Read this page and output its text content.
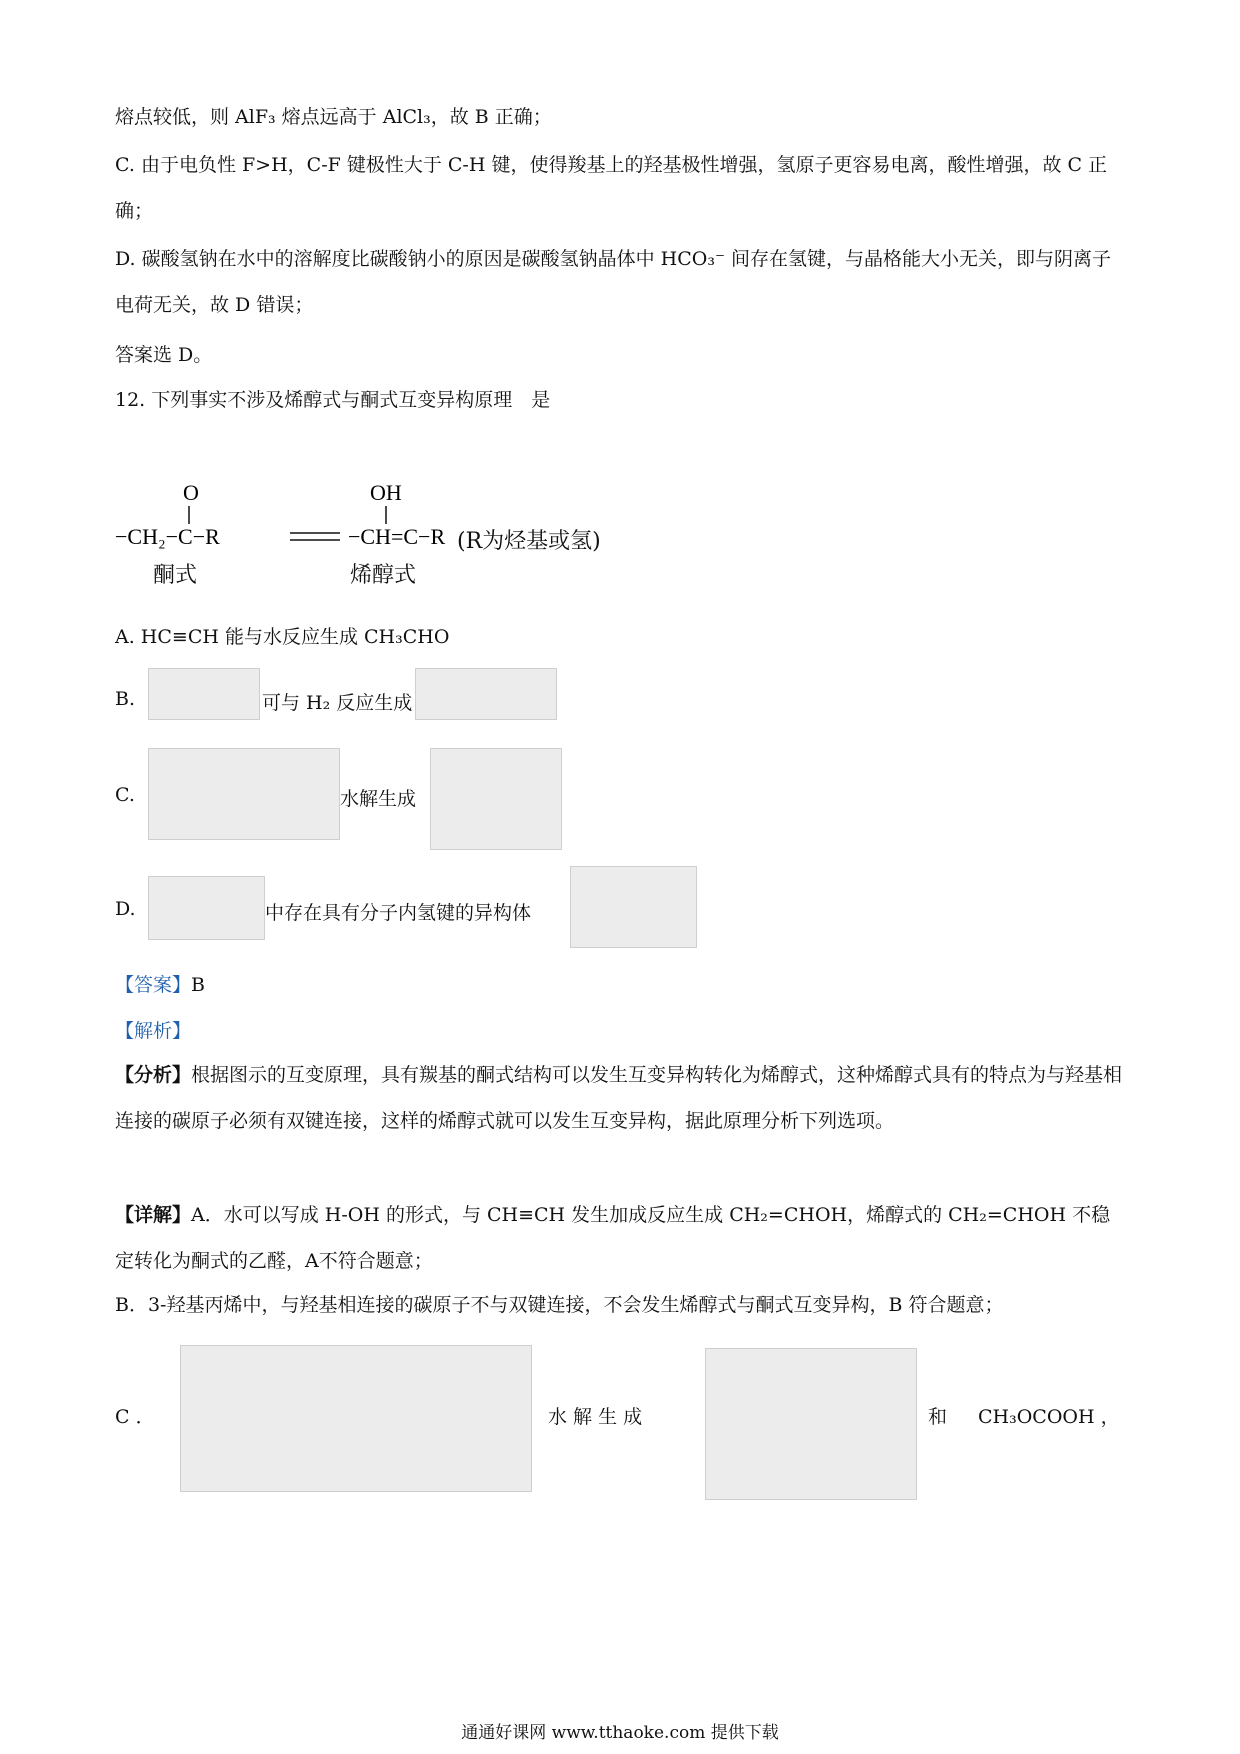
熔点较低，则 AlF₃ 熔点远高于 AlCl₃，故 B 正确；
C. 由于电负性 F>H，C-F 键极性大于 C-H 键，使得羧基上的羟基极性增强，氢原子更容易电离，酸性增强，故 C 正确；
D. 碳酸氢钠在水中的溶解度比碳酸钠小的原因是碳酸氢钠晶体中 HCO₃⁻ 间存在氢键，与晶格能大小无关，即与阴离子电荷无关，故 D 错误；
答案选 D。
12. 下列事实不涉及烯醇式与酮式互变异构原理　是
O
−CH₂−C−R
OH
−CH=C−R (R为烃基或氢)
酮式	烯醇式
A. HC≡CH 能与水反应生成 CH₃CHO
B.	可与 H₂ 反应生成
C.	水解生成
D.	中存在具有分子内氢键的异构体
【答案】B
【解析】
【分析】根据图示的互变原理，具有羰基的酮式结构可以发生互变异构转化为烯醇式，这种烯醇式具有的特点为与羟基相连接的碳原子必须有双键连接，这样的烯醇式就可以发生互变异构，据此原理分析下列选项。
【详解】A．水可以写成 H-OH 的形式，与 CH≡CH 发生加成反应生成 CH₂=CHOH，烯醇式的 CH₂=CHOH 不稳定转化为酮式的乙醛，A不符合题意；
B．3-羟基丙烯中，与羟基相连接的碳原子不与双键连接，不会发生烯醇式与酮式互变异构，B 符合题意；
C ．	水 解 生 成	和 CH₃OCOOH ，
通通好课网 www.tthaoke.com 提供下载
